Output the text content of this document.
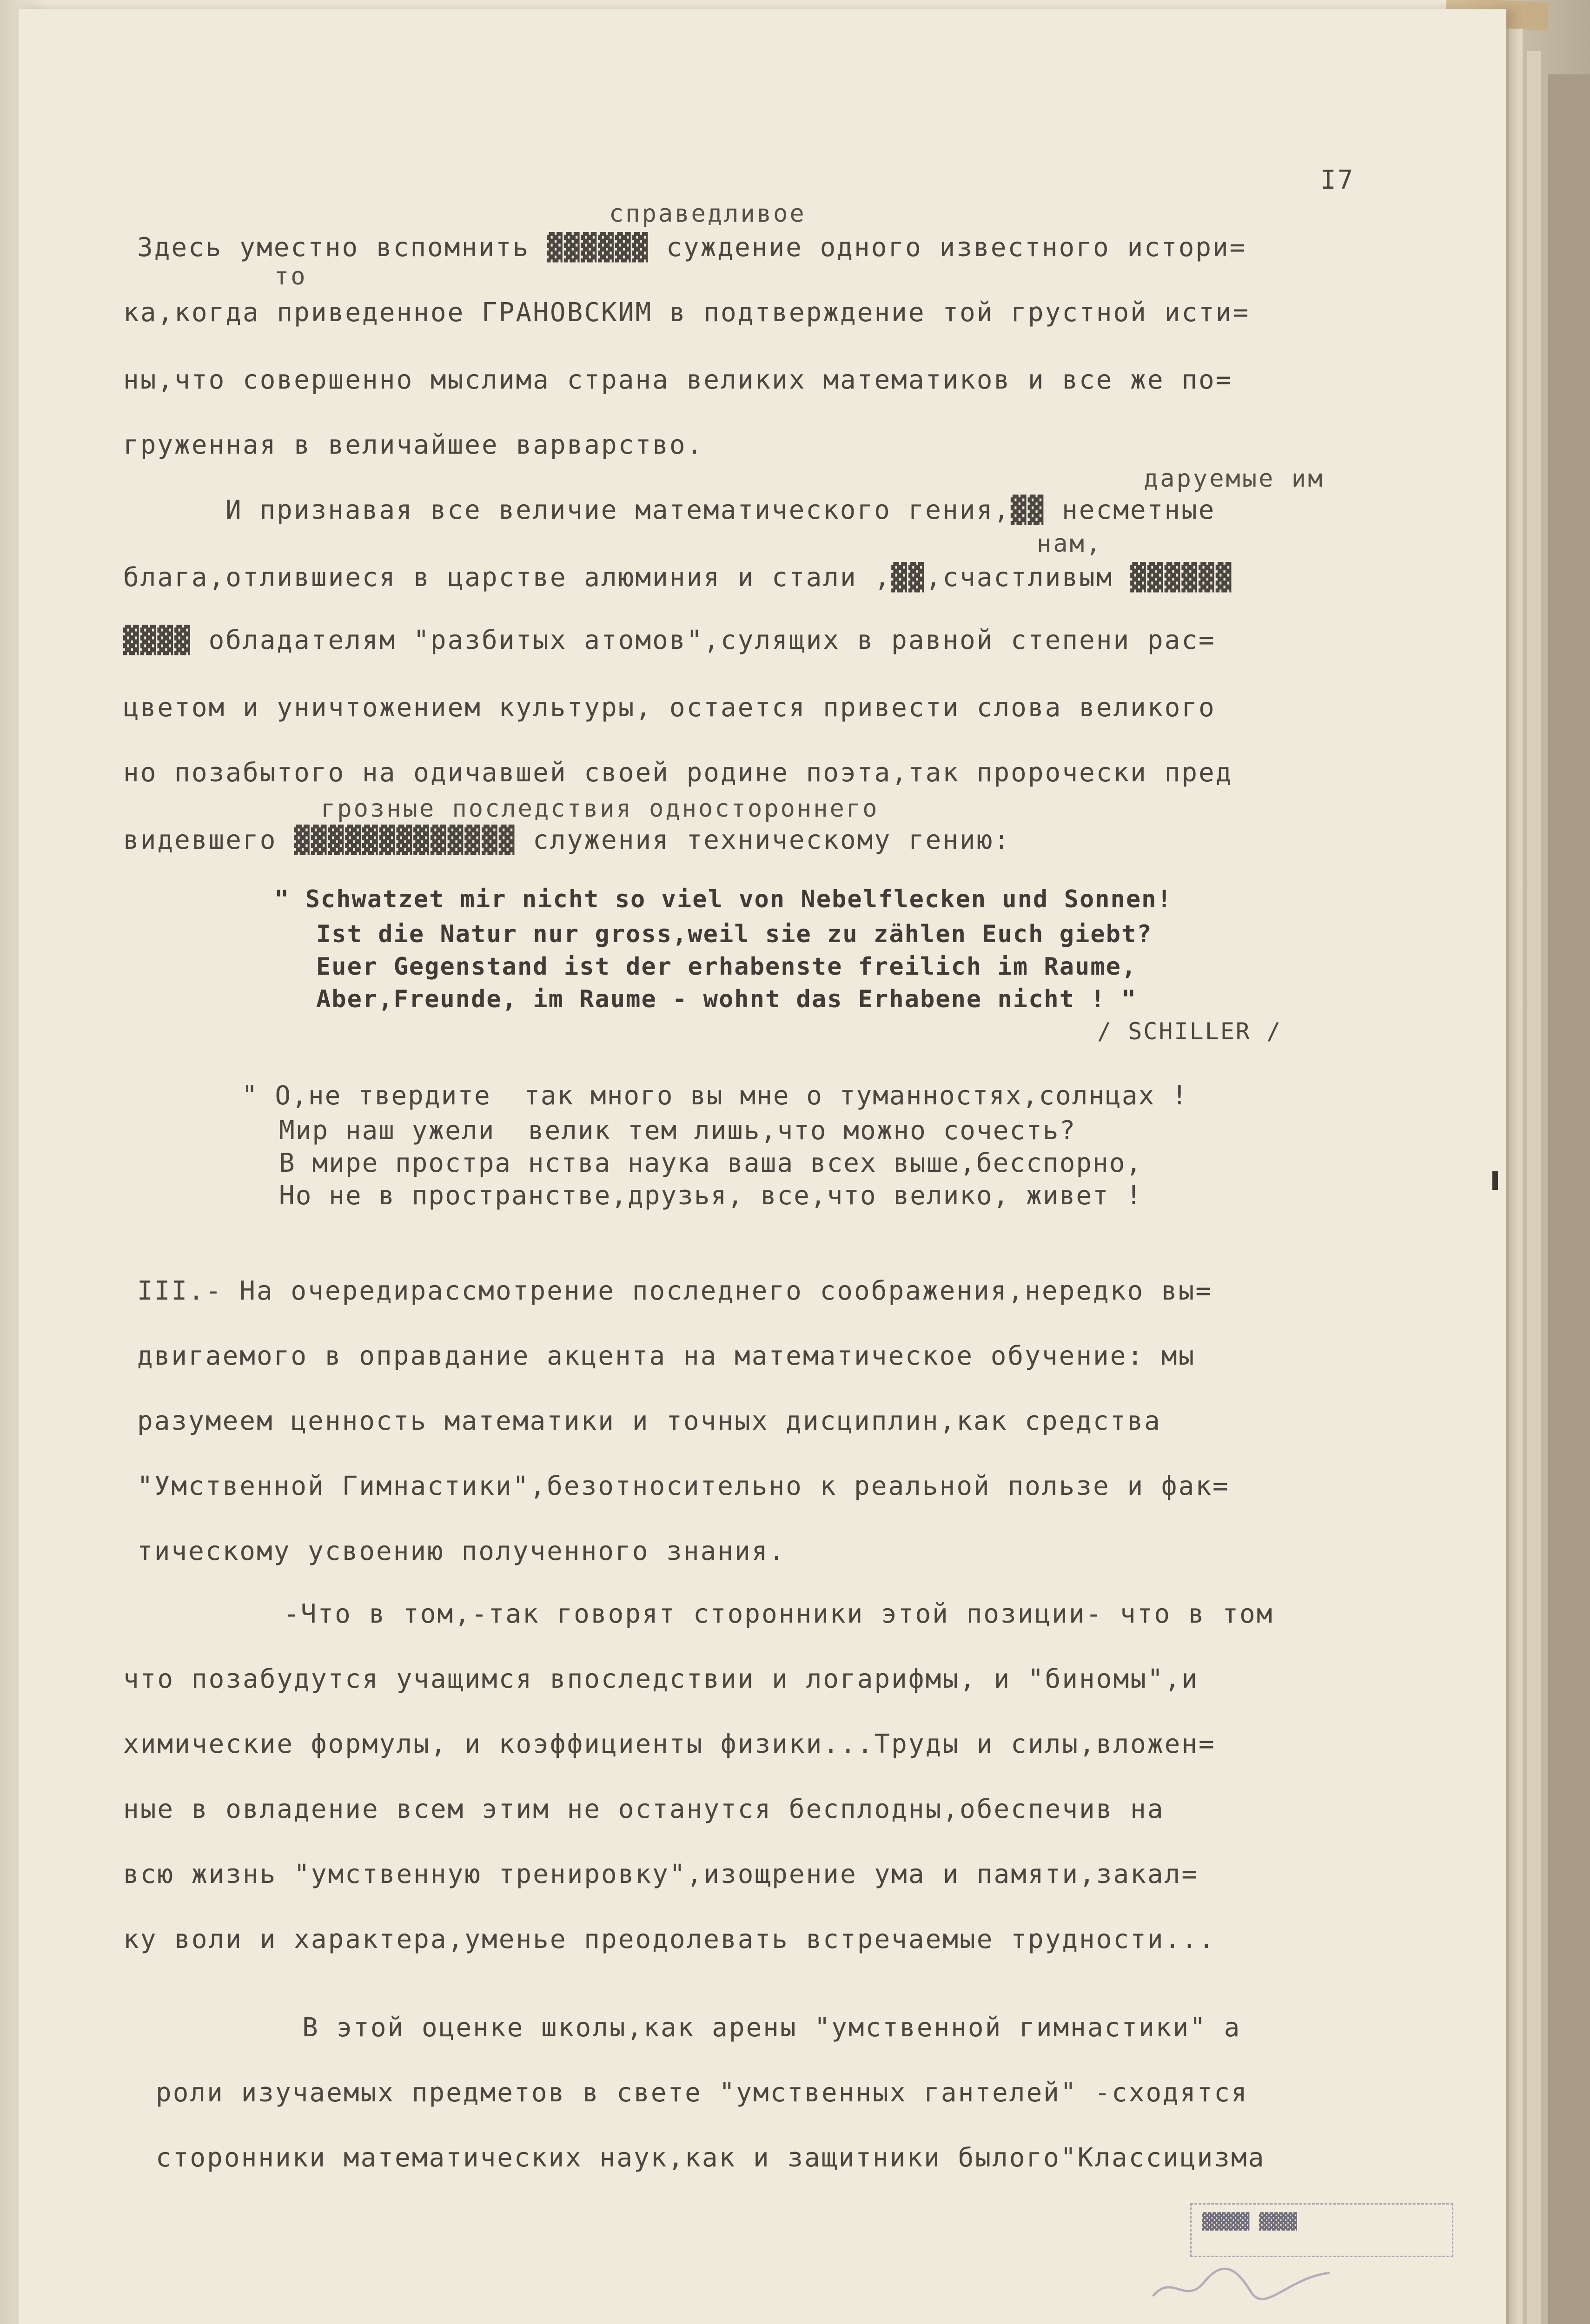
I7
справедливое
Здесь уместно вспомнить ▓▓▓▓▓▓ суждение одного известного истори=
то
ка,когда приведенное ГРАНОВСКИМ в подтверждение той грустной исти=
ны,что совершенно мыслима страна великих математиков и все же по=
груженная в величайшее варварство.
даруемые им
И признавая все величие математического гения,▓▓ несметные
нам,
блага,отлившиеся в царстве алюминия и стали ,▓▓,счастливым ▓▓▓▓▓▓
▓▓▓▓ обладателям "разбитых атомов",сулящих в равной степени рас=
цветом и уничтожением культуры, остается привести слова великого
но позабытого на одичавшей своей родине поэта,так пророчески пред
грозные последствия одностороннего
видевшего ▓▓▓▓▓▓▓▓▓▓▓▓▓ служения техническому гению:
" Schwatzet mir nicht so viel von Nebelflecken und Sonnen!
Ist die Natur nur gross,weil sie zu zählen Euch giebt?
Euer Gegenstand ist der erhabenste freilich im Raume,
Aber,Freunde, im Raume - wohnt das Erhabene nicht ! "
/ SCHILLER /
" О,не твердите  так много вы мне о туманностях,солнцах !
Мир наш ужели  велик тем лишь,что можно сочесть?
В мире простра нства наука ваша всех выше,бесспорно,
Но не в пространстве,друзья, все,что велико, живет !
III.- На очередирассмотрение последнего соображения,нередко вы=
двигаемого в оправдание акцента на математическое обучение: мы
разумеем ценность математики и точных дисциплин,как средства
"Умственной Гимнастики",безотносительно к реальной пользе и фак=
тическому усвоению полученного знания.
-Что в том,-так говорят сторонники этой позиции- что в том
что позабудутся учащимся впоследствии и логарифмы, и "биномы",и
химические формулы, и коэффициенты физики...Труды и силы,вложен=
ные в овладение всем этим не останутся бесплодны,обеспечив на
всю жизнь "умственную тренировку",изощрение ума и памяти,закал=
ку воли и характера,уменье преодолевать встречаемые трудности...
В этой оценке школы,как арены "умственной гимнастики" а
роли изучаемых предметов в свете "умственных гантелей" -сходятся
сторонники математических наук,как и защитники былого"Классицизма
▓▓▓▓▓ ▓▓▓▓
